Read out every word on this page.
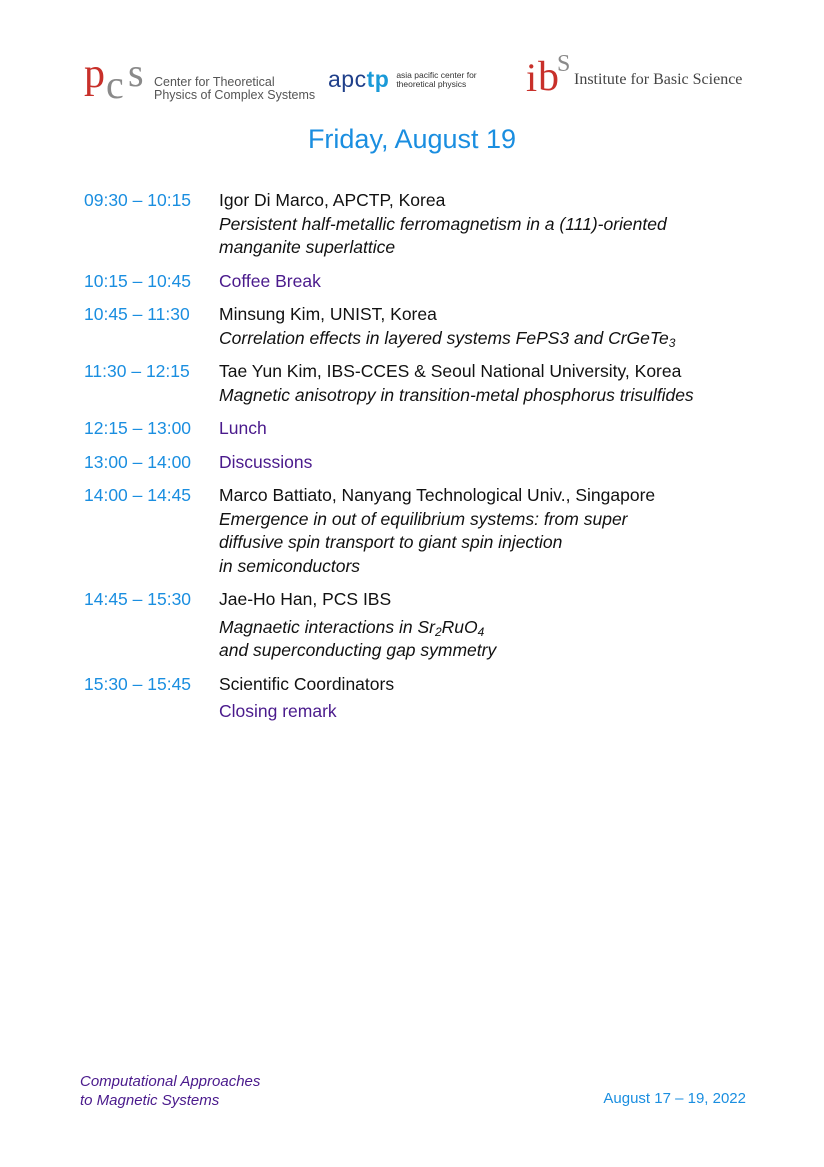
p c s Center for Theoretical
Physics of Complex Systems
apctp asia pacific center for
theoretical physics i b
S
Institute for Basic Science
Friday, August 19
09:30 – 10:15	Igor Di Marco, APCTP, Korea
Persistent half-metallic ferromagnetism in a (111)-oriented
manganite superlattice
10:15 – 10:45	Coffee Break
10:45 – 11:30	Minsung Kim, UNIST, Korea
Correlation effects in layered systems FePS3 and CrGeTe$_3$
11:30 – 12:15	Tae Yun Kim, IBS-CCES & Seoul National University, Korea
Magnetic anisotropy in transition-metal phosphorus trisulfides
12:15 – 13:00	Lunch
13:00 – 14:00	Discussions
14:00 – 14:45	Marco Battiato, Nanyang Technological Univ., Singapore
Emergence in out of equilibrium systems: from super
diffusive spin transport to giant spin injection
in semiconductors
14:45 – 15:30	Jae-Ho Han, PCS IBS
Magnaetic interactions in $Sr_2RuO_4$
and superconducting gap symmetry
15:30 – 15:45	Scientific Coordinators
Closing remark
Computational Approaches
to Magnetic Systems	August 17 – 19, 2022
